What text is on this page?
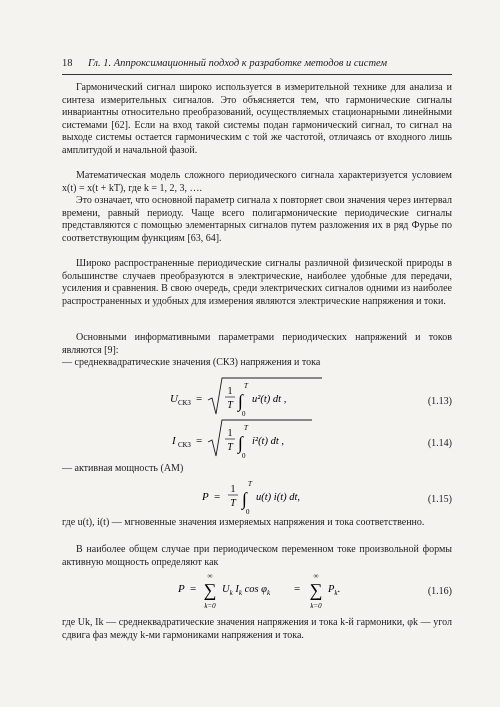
18	Гл. 1. Аппроксимационный подход к разработке методов и систем
Гармонический сигнал широко используется в измерительной технике для анализа и синтеза измерительных сигналов. Это объясняется тем, что гармонические сигналы инвариантны относительно преобразований, осуществляемых стационарными линейными системами [62]. Если на вход такой системы подан гармонический сигнал, то сигнал на выходе системы остается гармоническим с той же частотой, отличаясь от входного лишь амплитудой и начальной фазой.
Математическая модель сложного периодического сигнала характеризуется условием x(t) = x(t + kT), где k = 1, 2, 3, ….
Это означает, что основной параметр сигнала x повторяет свои значения через интервал времени, равный периоду. Чаще всего полигармонические периодические сигналы представляются с помощью элементарных сигналов путем разложения их в ряд Фурье по соответствующим функциям [63, 64].
Широко распространенные периодические сигналы различной физической природы в большинстве случаев преобразуются в электрические, наиболее удобные для передачи, усиления и сравнения. В свою очередь, среди электрических сигналов одними из наиболее распространенных и удобных для измерения являются электрические напряжения и токи.
Основными информативными параметрами периодических напряжений и токов являются [9]:
— среднеквадратические значения (СКЗ) напряжения и тока
U СКЗ =
1
T ∫
T
0
u²(t) dt ,	(1.13)
I СКЗ =
1
T ∫
T
0
i²(t) dt ,	(1.14)
— активная мощность (АМ)
P =
1
T ∫
T
0
u(t) i(t) dt,	(1.15)
где u(t), i(t) — мгновенные значения измеряемых напряжения и тока соответственно.
В наиболее общем случае при периодическом переменном токе произвольной формы активную мощность определяют как
P =
∞
∑
k=0
$U_k$ $I_k$ $\cos \varphi_k$ =
∞
∑
k=0
$P_k$.	(1.16)
где Uk, Ik — среднеквадратические значения напряжения и тока k-й гармоники, φk — угол сдвига фаз между k-ми гармониками напряжения и тока.
